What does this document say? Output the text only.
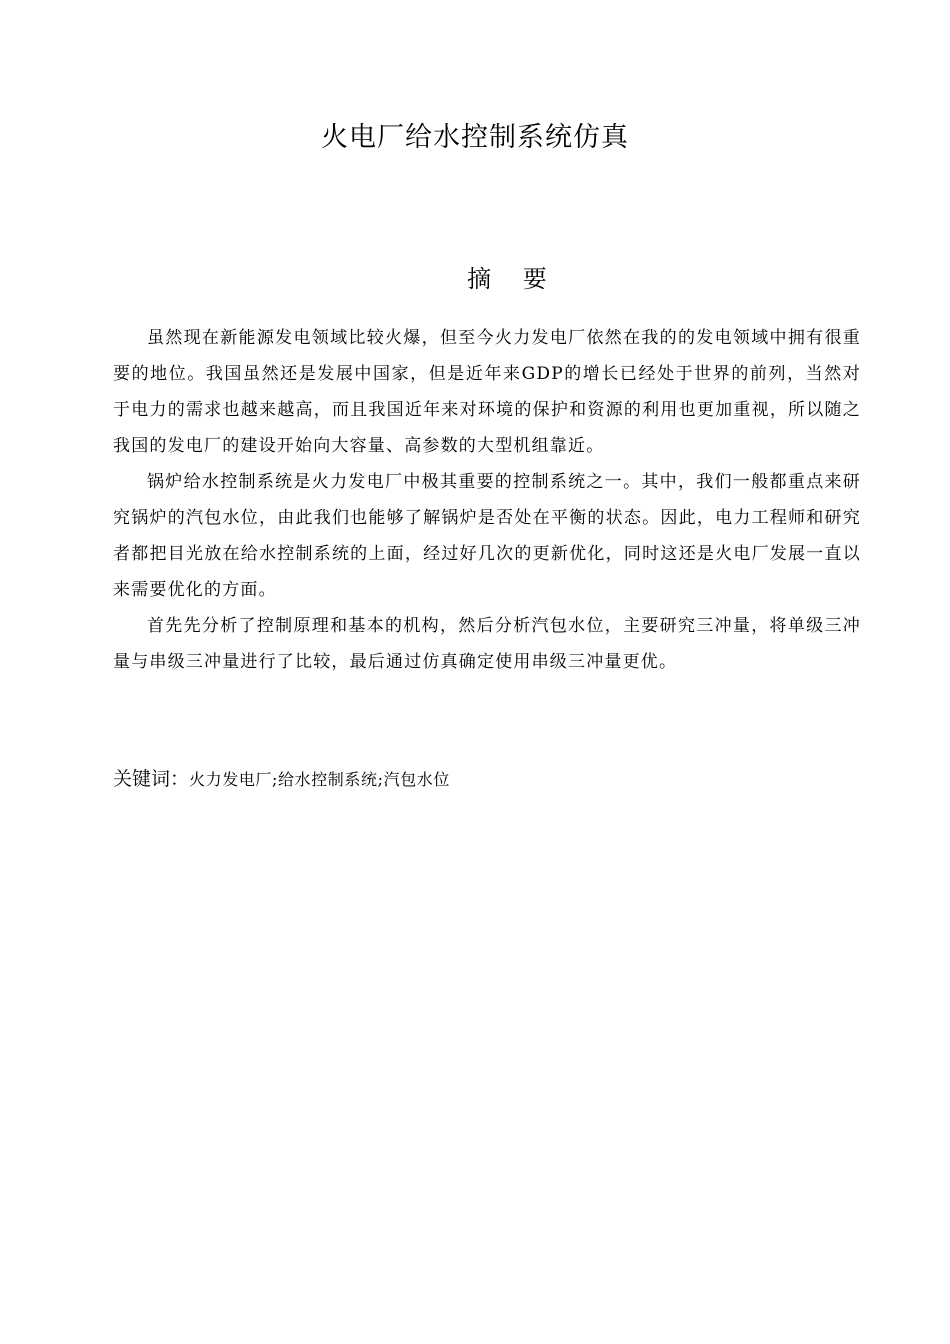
火电厂给水控制系统仿真
摘 要

虽然现在新能源发电领域比较火爆，但至今火力发电厂依然在我的的发电领域中拥有很重要的地位。我国虽然还是发展中国家，但是近年来GDP的增长已经处于世界的前列，当然对于电力的需求也越来越高，而且我国近年来对环境的保护和资源的利用也更加重视，所以随之我国的发电厂的建设开始向大容量、高参数的大型机组靠近。

锅炉给水控制系统是火力发电厂中极其重要的控制系统之一。其中，我们一般都重点来研究锅炉的汽包水位，由此我们也能够了解锅炉是否处在平衡的状态。因此，电力工程师和研究者都把目光放在给水控制系统的上面，经过好几次的更新优化，同时这还是火电厂发展一直以来需要优化的方面。

首先先分析了控制原理和基本的机构，然后分析汽包水位，主要研究三冲量，将单级三冲量与串级三冲量进行了比较，最后通过仿真确定使用串级三冲量更优。

关键词：火力发电厂;给水控制系统;汽包水位
